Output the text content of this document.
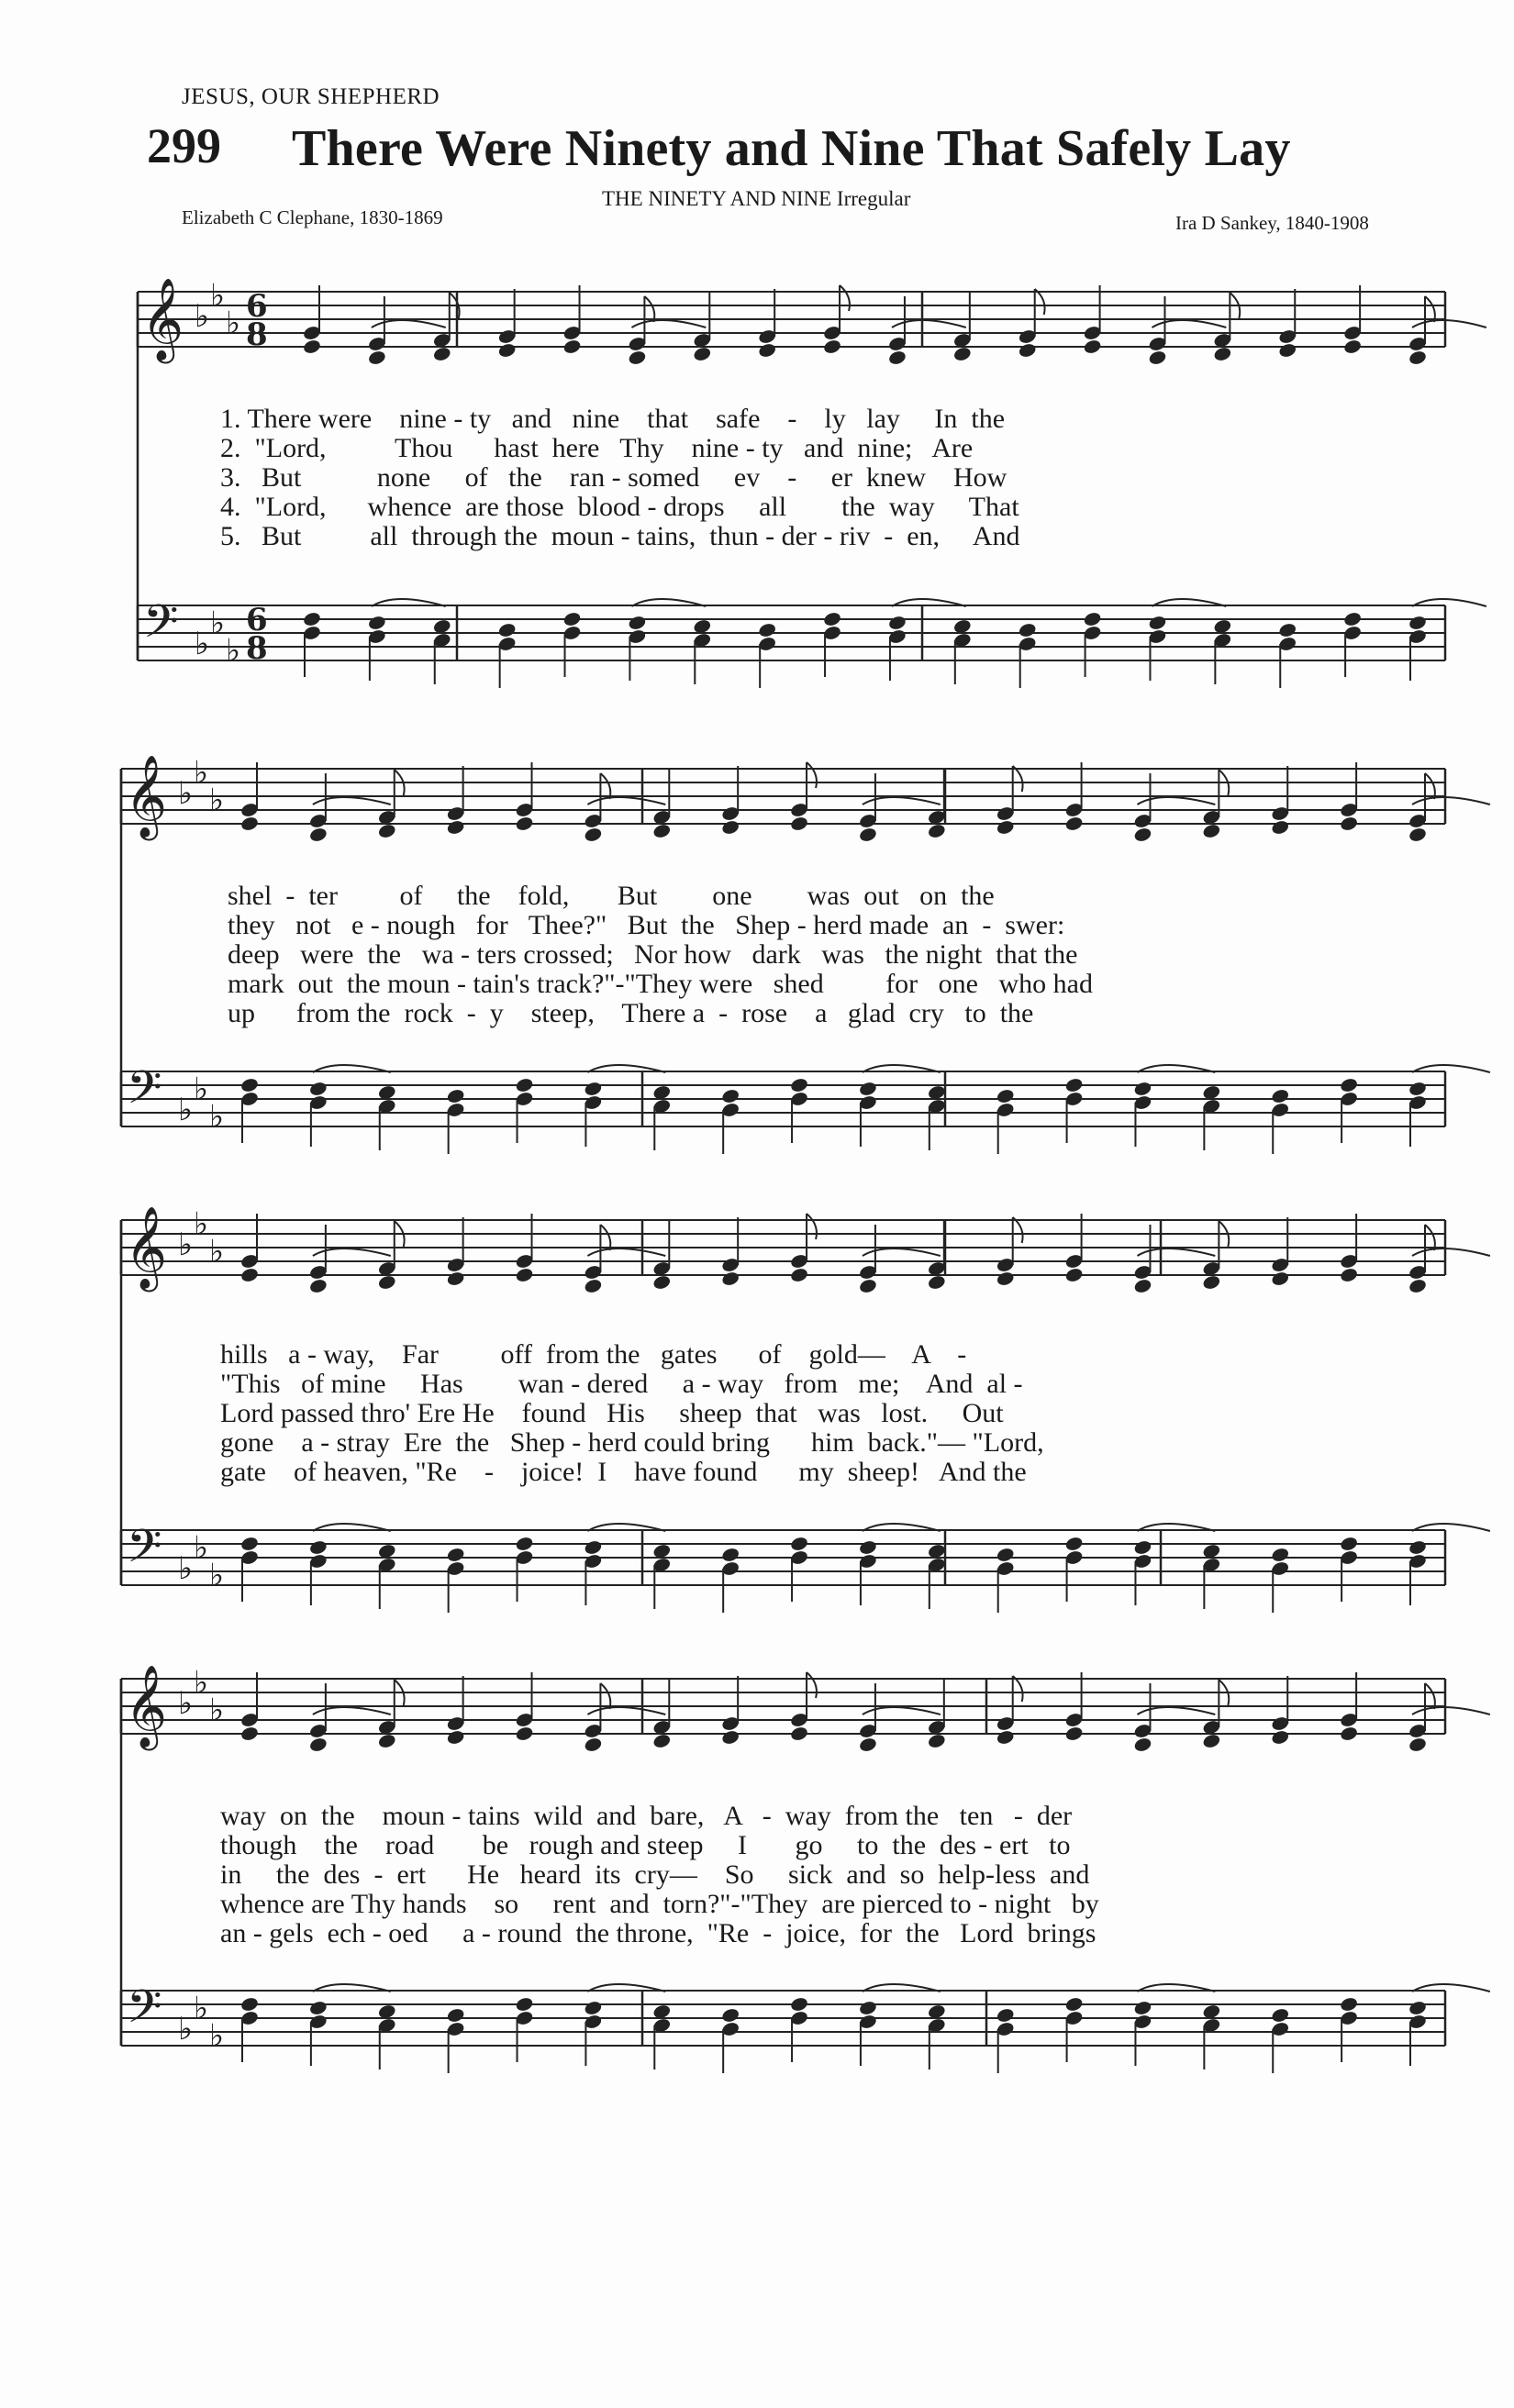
JESUS, OUR SHEPHERD
299 There Were Ninety and Nine That Safely Lay
Elizabeth C Clephane, 1830-1869
THE NINETY AND NINE Irregular
Ira D Sankey, 1840-1908
𝄞 ♭
♭
♭ 6
8
𝄢 ♭
♭
♭
6
8
𝄞 ♭
♭
♭
𝄢 ♭
♭
♭
𝄞 ♭
♭
♭
𝄢 ♭
♭
♭
𝄞 ♭
♭
♭
𝄢 ♭
♭
♭
1. There were    nine - ty   and   nine    that    safe    -    ly   lay     In  the
2.  "Lord,          Thou      hast  here   Thy    nine - ty   and  nine;   Are
3.   But           none     of   the    ran - somed     ev    -     er  knew    How
4.  "Lord,      whence  are those  blood - drops     all        the  way     That
5.   But          all  through the  moun - tains,  thun - der - riv  -  en,     And
shel  -  ter         of     the    fold,       But        one        was  out   on  the
they   not   e - nough   for   Thee?"   But  the   Shep - herd made  an  -  swer:
deep   were  the   wa - ters crossed;   Nor how   dark   was   the night  that the
mark  out  the moun - tain's track?"-"They were   shed         for   one   who had
up      from the  rock  -  y    steep,    There a  -  rose    a   glad  cry   to  the
hills   a - way,    Far         off  from the   gates      of    gold—    A    -
"This   of mine     Has        wan - dered     a - way   from   me;    And  al -
Lord passed thro' Ere He    found   His     sheep  that   was   lost.     Out
gone    a - stray  Ere  the   Shep - herd could bring      him  back."— "Lord,
gate    of heaven, "Re    -    joice!  I    have found      my  sheep!   And the
way  on  the    moun - tains  wild  and  bare,   A   -  way  from the   ten   -  der
though    the    road       be   rough and steep     I       go     to  the  des - ert   to
in     the  des  -  ert      He   heard  its  cry—    So     sick  and  so  help-less  and
whence are Thy hands    so     rent  and  torn?"-"They  are pierced to - night   by
an - gels  ech - oed     a - round  the throne,  "Re  -  joice,  for  the   Lord  brings
